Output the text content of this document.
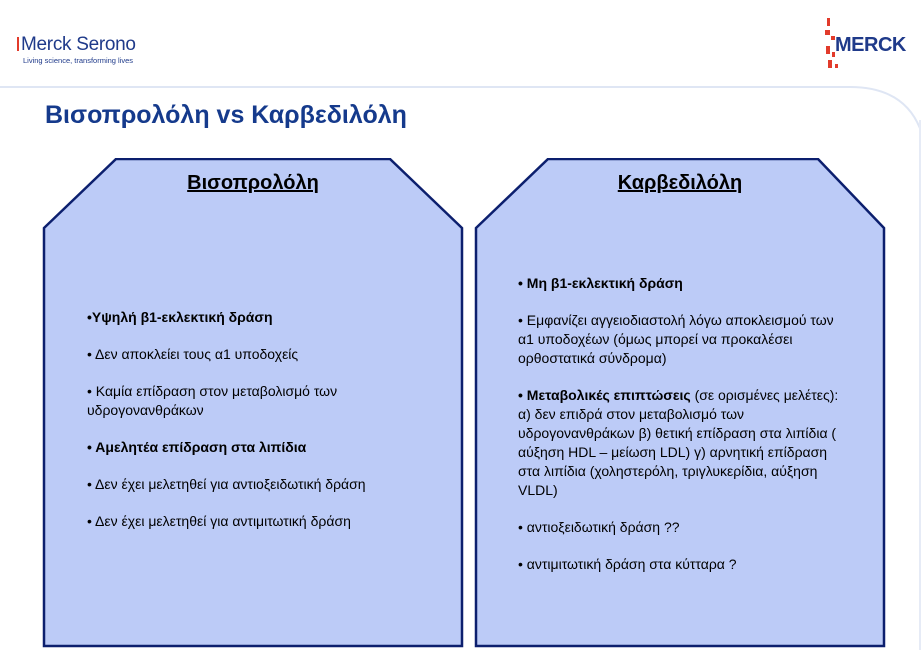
Merck Serono
Living science, transforming lives
MERCK
Βισοπρολόλη vs Καρβεδιλόλη
Βισοπρολόλη

•Υψηλή β1-εκλεκτική δράση

• Δεν αποκλείει τους α1 υποδοχείς

• Καμία επίδραση στον μεταβολισμό των υδρογονανθράκων

• Αμελητέα επίδραση στα λιπίδια

• Δεν έχει μελετηθεί για αντιοξειδωτική δράση

• Δεν έχει μελετηθεί για αντιμιτωτική δράση

Καρβεδιλόλη

• Μη β1-εκλεκτική δράση

• Εμφανίζει αγγειοδιαστολή λόγω αποκλεισμού των α1 υποδοχέων (όμως μπορεί να προκαλέσει ορθοστατικά σύνδρομα)

• Μεταβολικές επιπτώσεις (σε ορισμένες μελέτες): α) δεν επιδρά στον μεταβολισμό των υδρογονανθράκων β) θετική επίδραση στα λιπίδια ( αύξηση HDL – μείωση LDL) γ) αρνητική επίδραση στα λιπίδια (χοληστερόλη, τριγλυκερίδια, αύξηση VLDL)

• αντιοξειδωτική δράση ??

• αντιμιτωτική δράση στα κύτταρα ?
